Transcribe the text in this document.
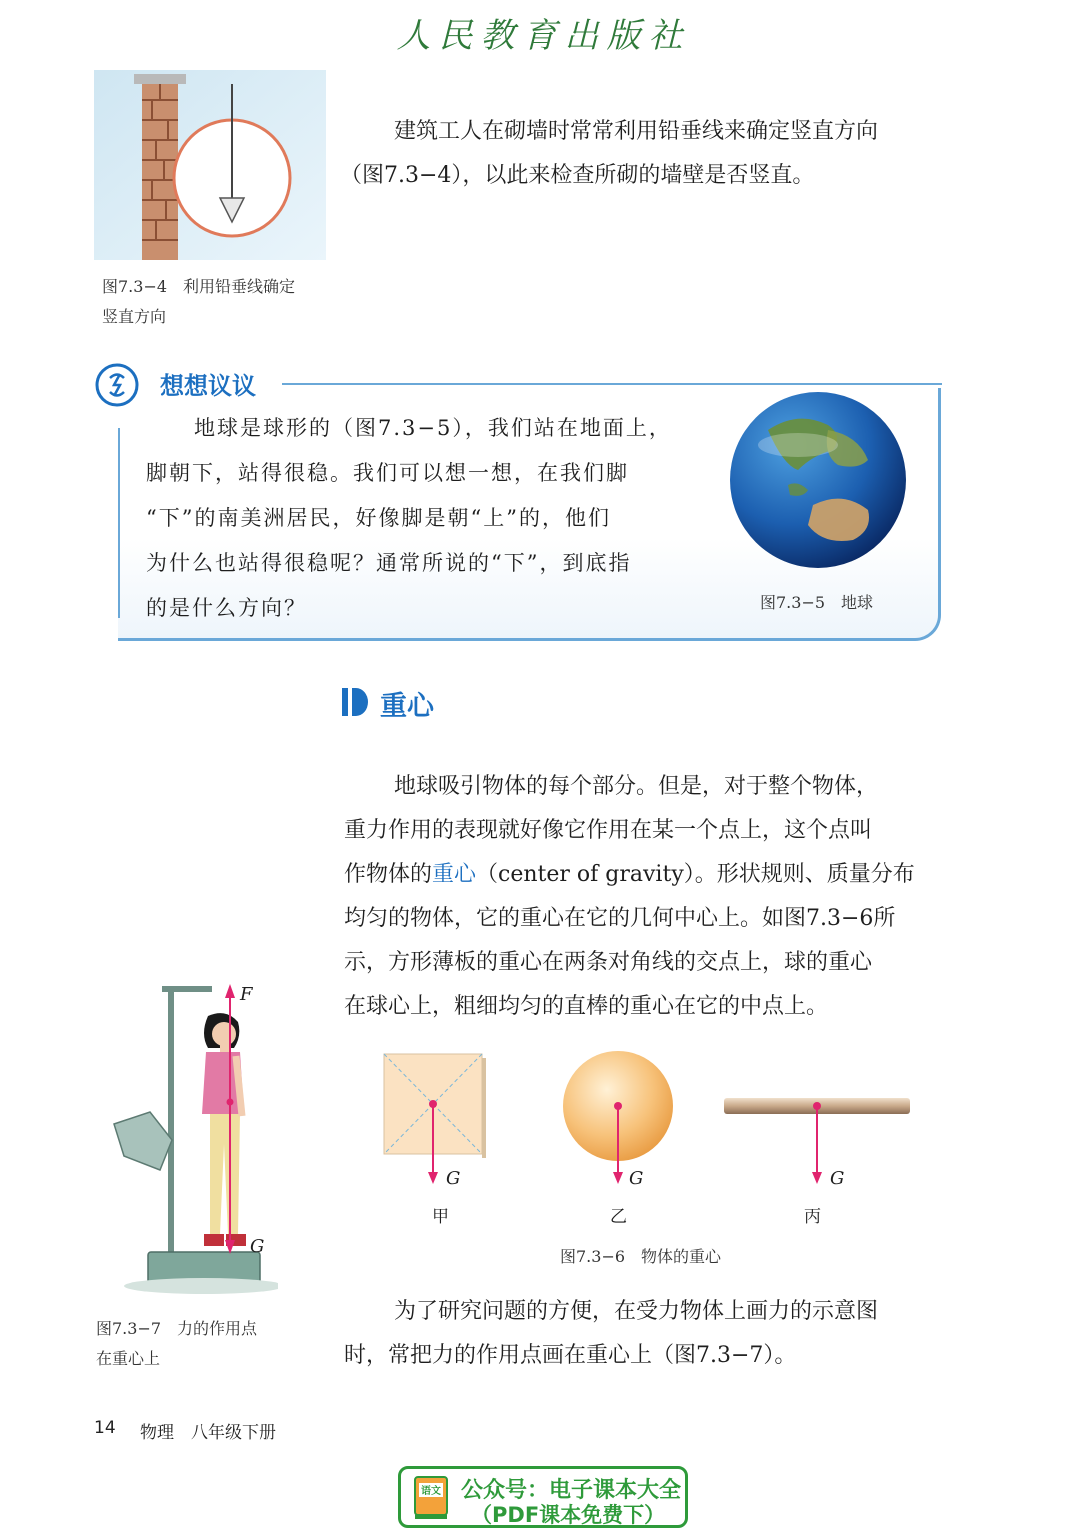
人民教育出版社
图7.3−4　利用铅垂线确定
竖直方向
建筑工人在砌墙时常常利用铅垂线来确定竖直方向
（图7.3−4），以此来检查所砌的墙壁是否竖直。
想想议议
地球是球形的（图7.3−5），我们站在地面上，
脚朝下，站得很稳。我们可以想一想，在我们脚
“下”的南美洲居民，好像脚是朝“上”的，他们
为什么也站得很稳呢？通常所说的“下”，到底指
的是什么方向？	图7.3−5　地球
重心
地球吸引物体的每个部分。但是，对于整个物体，
重力作用的表现就好像它作用在某一个点上，这个点叫
作物体的重心（center of gravity）。形状规则、质量分布
均匀的物体，它的重心在它的几何中心上。如图7.3−6所
示，方形薄板的重心在两条对角线的交点上，球的重心
在球心上，粗细均匀的直棒的重心在它的中点上。
F
G
图7.3−7　力的作用点
在重心上
G	G	G
甲	乙	丙
图7.3−6　物体的重心
为了研究问题的方便，在受力物体上画力的示意图
时，常把力的作用点画在重心上（图7.3−7）。
14 物理　八年级下册
语文 公众号：电子课本大全
（PDF课本免费下）
